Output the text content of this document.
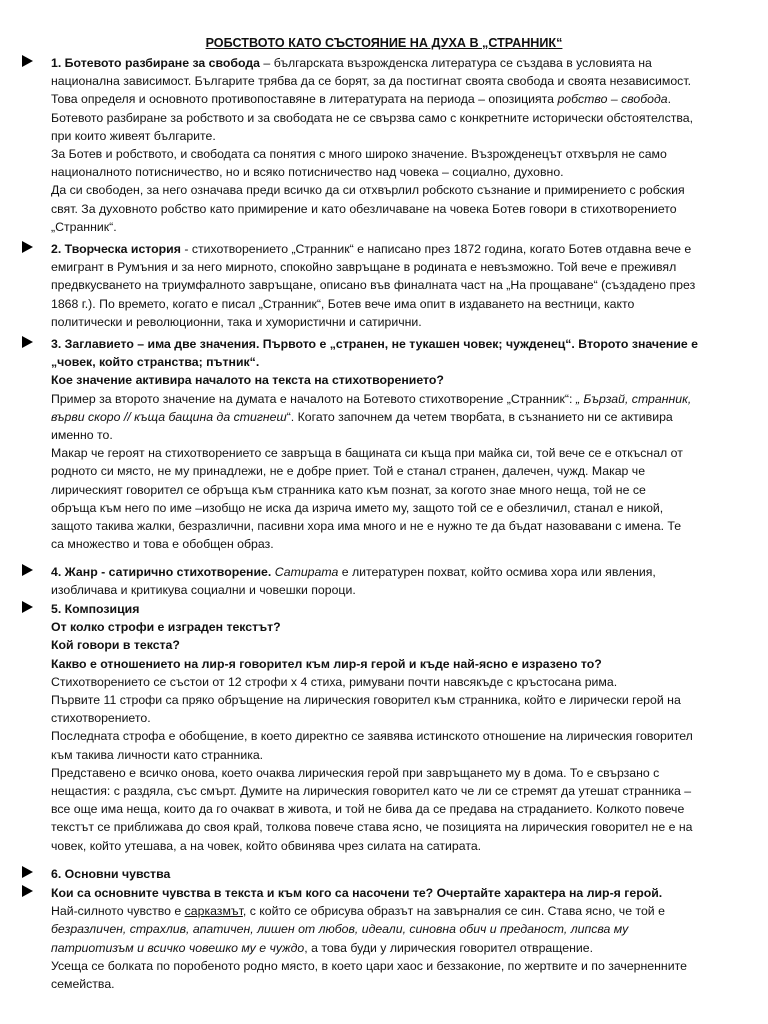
РОБСТВОТО КАТО СЪСТОЯНИЕ НА ДУХА В „СТРАННИК“

1. Ботевото разбиране за свобода – българската възрожденска литература се създава в условията на

национална зависимост. Българите трябва да се борят, за да постигнат своята свобода и своята независимост.

Това определя и основното противопоставяне в литературата на периода – опозицията робство – свобода.

Ботевото разбиране за робството и за свободата не се свързва само с конкретните исторически обстоятелства,

при които живеят българите.

За Ботев и робството, и свободата са понятия с много широко значение. Възрожденецът отхвърля не само

националното потисничество, но и всяко потисничество над човека – социално, духовно.

Да си свободен, за него означава преди всичко да си отхвърлил робското съзнание и примирението с робския

свят. За духовното робство като примирение и като обезличаване на човека Ботев говори в стихотворението

„Странник“.

2. Творческа история - стихотворението „Странник“ е написано през 1872 година, когато Ботев отдавна вече е

емигрант в Румъния и за него мирното, спокойно завръщане в родината е невъзможно. Той вече е преживял

предвкусването на триумфалното завръщане, описано във финалната част на „На прощаване“ (създадено през

1868 г.). По времето, когато е писал „Странник“, Ботев вече има опит в издаването на вестници, както

политически и революционни, така и хумористични и сатирични.

3. Заглавието – има две значения. Първото е „странен, не тукашен човек; чужденец“. Второто значение е

„човек, който странства; пътник“.

Кое значение активира началото на текста на стихотворението?

Пример за второто значение на думата е началото на Ботевото стихотворение „Странник“: „ Бързай, странник,

върви скоро // къща бащина да стигнеш“. Когато започнем да четем творбата, в съзнанието ни се активира

именно то.

Макар че героят на стихотворението се завръща в бащината си къща при майка си, той вече се е откъснал от

родното си място, не му принадлежи, не е добре приет. Той е станал странен, далечен, чужд. Макар че

лирическият говорител се обръща към странника като към познат, за когото знае много неща, той не се

обръща към него по име –изобщо не иска да изрича името му, защото той се е обезличил, станал е никой,

защото такива жалки, безразлични, пасивни хора има много и не е нужно те да бъдат назовавани с имена. Те

са множество и това е обобщен образ.

4. Жанр - сатирично стихотворение. Сатирата е литературен похват, който осмива хора или явления,

изобличава и критикува социални и човешки пороци.

5. Композиция

От колко строфи е изграден текстът?

Кой говори в текста?

Какво е отношението на лир-я говорител към лир-я герой и къде най-ясно е изразено то?

Стихотворението се състои от 12 строфи х 4 стиха, римувани почти навсякъде с кръстосана рима.

Първите 11 строфи са пряко обръщение на лирическия говорител към странника, който е лирически герой на

стихотворението.

Последната строфа е обобщение, в което директно се заявява истинското отношение на лирическия говорител

към такива личности като странника.

Представено е всичко онова, което очаква лирическия герой при завръщането му в дома. То е свързано с

нещастия: с раздяла, със смърт. Думите на лирическия говорител като че ли се стремят да утешат странника –

все още има неща, които да го очакват в живота, и той не бива да се предава на страданието. Колкото повече

текстът се приближава до своя край, толкова повече става ясно, че позицията на лирическия говорител не е на

човек, който утешава, а на човек, който обвинява чрез силата на сатирата.

6. Основни чувства

Кои са основните чувства в текста и към кого са насочени те? Очертайте характера на лир-я герой.

Най-силното чувство е сарказмът, с който се обрисува образът на завърналия се син. Става ясно, че той е

безразличен, страхлив, апатичен, лишен от любов, идеали, синовна обич и преданост, липсва му

патриотизъм и всичко човешко му е чуждо, а това буди у лирическия говорител отвращение.

Усеща се болката по поробеното родно място, в което цари хаос и беззаконие, по жертвите и по зачерненните

семейства.
